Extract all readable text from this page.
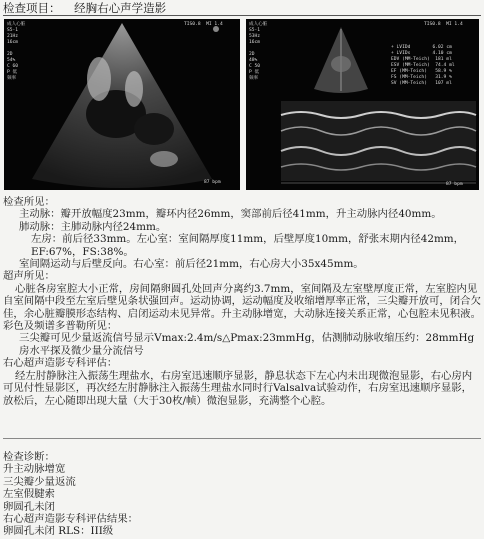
检查项目： 经胸右心声学造影
成人心脏
S5-1
21Hz
16cm

2D
54%
C 60
P 低
频率
TIS0.8  MI 1.4
87 bpm
成人心脏
S5-1
53Hz
16cm

2D
48%
C 50
P 低
频率
TIS0.8  MI 1.4
+ LVIDd        6.02 cm
+ LVIDs        4.10 cm
EDV (MM-Teich)  181 ml
ESV (MM-Teich)  74.4 ml
EF (MM-Teich)   58.9 %
FS (MM-Teich)   31.9 %
SV (MM-Teich)   107 ml
87 bpm
检查所见：
主动脉：瓣开放幅度23mm，瓣环内径26mm，窦部前后径41mm，升主动脉内径40mm。
肺动脉：主肺动脉内径24mm。
左房：前后径33mm。左心室：室间隔厚度11mm，后壁厚度10mm，舒张末期内径42mm，EF:67%，FS:38%。
室间隔运动与后壁反向。右心室：前后径21mm，右心房大小35x45mm。
超声所见：
心脏各房室腔大小正常，房间隔卵圆孔处回声分离约3.7mm，室间隔及左室壁厚度正常，左室腔内见自室间隔中段至左室后壁见条状强回声。运动协调，运动幅度及收缩增厚率正常，三尖瓣开放可，闭合欠佳，余心脏瓣膜形态结构、启闭运动未见异常。升主动脉增宽，大动脉连接关系正常，心包腔未见积液。
彩色及频谱多普勒所见：
三尖瓣可见少量返流信号显示Vmax:2.4m/s△Pmax:23mmHg，估测肺动脉收缩压约：28mmHg
房水平探及微少量分流信号
右心超声造影专科评估：
经左肘静脉注入振荡生理盐水，右房室迅速顺序显影，静息状态下左心内未出现微泡显影，右心房内可见付性显影区，再次经左肘静脉注入振荡生理盐水同时行Valsalva试验动作，右房室迅速顺序显影，放松后，左心随即出现大量（大于30枚/帧）微泡显影，充满整个心腔。
检查诊断：
升主动脉增宽
三尖瓣少量返流
左室假腱索
卵圆孔未闭
右心超声造影专科评估结果：
卵圆孔未闭 RLS：III级
